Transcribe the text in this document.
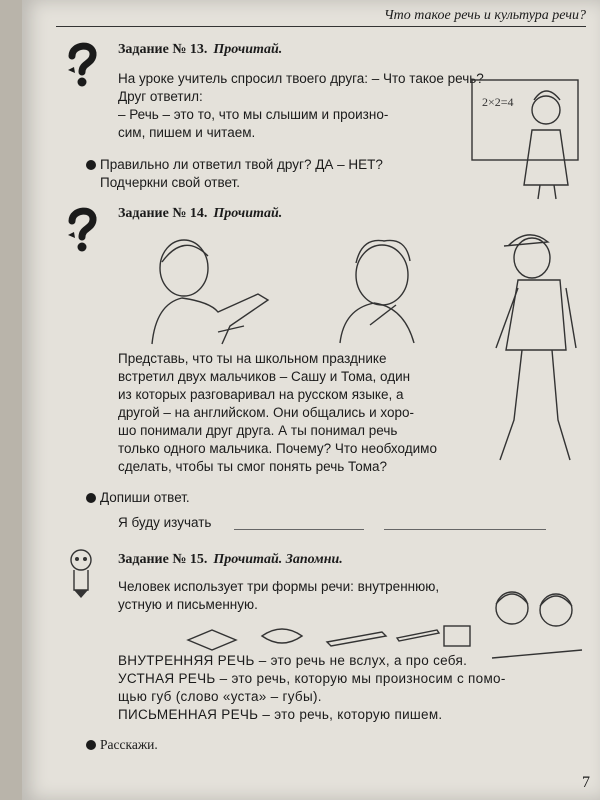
Что такое речь и культура речи?
Задание № 13. Прочитай.
На уроке учитель спросил твоего друга: – Что такое речь?
Друг ответил:
– Речь – это то, что мы слышим и произно-
сим, пишем и читаем.
Правильно ли ответил твой друг? ДА – НЕТ?
Подчеркни свой ответ.
2×2=4
Задание № 14. Прочитай.
Представь, что ты на школьном празднике
встретил двух мальчиков – Сашу и Тома, один
из которых разговаривал на русском языке, а
другой – на английском. Они общались и хоро-
шо понимали друг друга. А ты понимал речь
только одного мальчика. Почему? Что необходимо
сделать, чтобы ты смог понять речь Тома?
Допиши ответ.
Я буду изучать
Задание № 15. Прочитай. Запомни.
Человек использует три формы речи: внутреннюю,
устную и письменную.
ВНУТРЕННЯЯ РЕЧЬ – это речь не вслух, а про себя.
УСТНАЯ РЕЧЬ – это речь, которую мы произносим с помо-
щью губ (слово «уста» – губы).
ПИСЬМЕННАЯ РЕЧЬ – это речь, которую пишем.
Расскажи.
7
